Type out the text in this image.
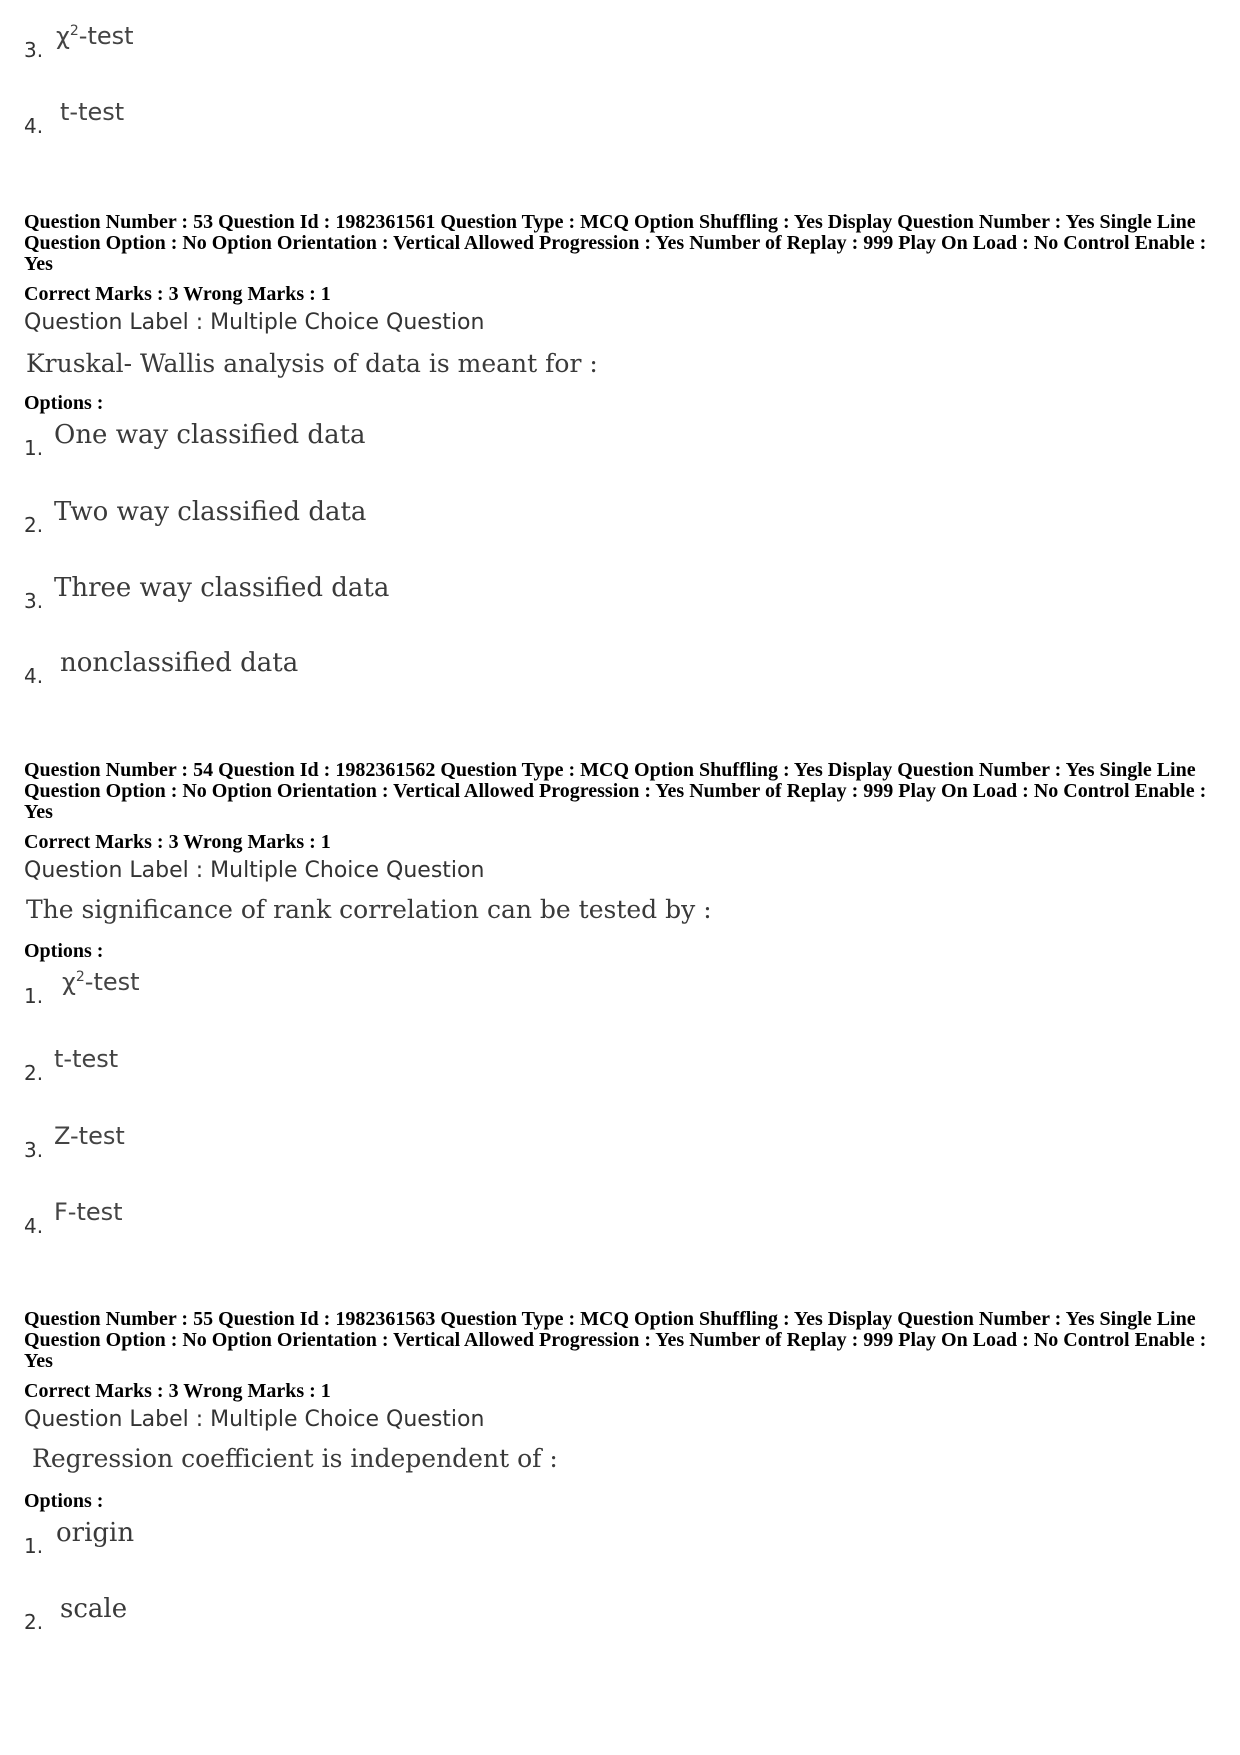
3. $\chi^2$-test
4. t-test
Question Number : 53 Question Id : 1982361561 Question Type : MCQ Option Shuffling : Yes Display Question Number : Yes Single Line Question Option : No Option Orientation : Vertical Allowed Progression : Yes Number of Replay : 999 Play On Load : No Control Enable : Yes
Correct Marks : 3 Wrong Marks : 1
Question Label : Multiple Choice Question
Kruskal- Wallis analysis of data is meant for :
Options :
1. One way classified data
2. Two way classified data
3. Three way classified data
4. nonclassified data
Question Number : 54 Question Id : 1982361562 Question Type : MCQ Option Shuffling : Yes Display Question Number : Yes Single Line Question Option : No Option Orientation : Vertical Allowed Progression : Yes Number of Replay : 999 Play On Load : No Control Enable : Yes
Correct Marks : 3 Wrong Marks : 1
Question Label : Multiple Choice Question
The significance of rank correlation can be tested by :
Options :
1. $\chi^2$-test
2. t-test
3. Z-test
4. F-test
Question Number : 55 Question Id : 1982361563 Question Type : MCQ Option Shuffling : Yes Display Question Number : Yes Single Line Question Option : No Option Orientation : Vertical Allowed Progression : Yes Number of Replay : 999 Play On Load : No Control Enable : Yes
Correct Marks : 3 Wrong Marks : 1
Question Label : Multiple Choice Question
Regression coefficient is independent of :
Options :
1. origin
2. scale
